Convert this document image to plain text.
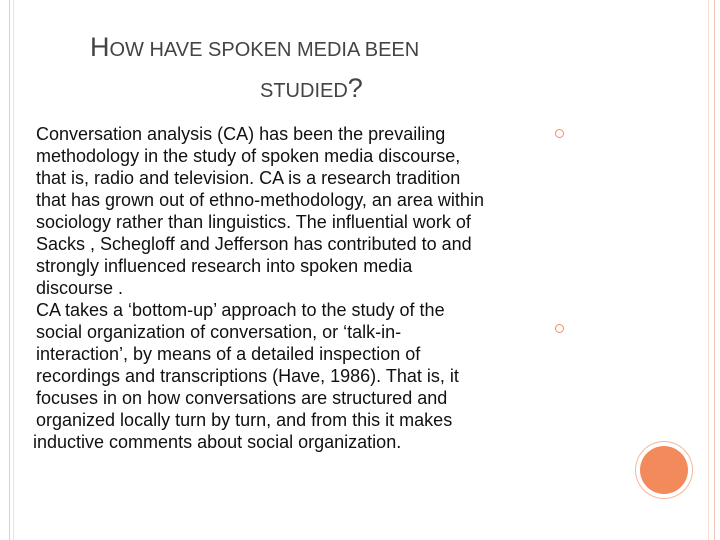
HOW HAVE SPOKEN MEDIA BEEN
STUDIED?
Conversation analysis (CA) has been the prevailing
methodology in the study of spoken media discourse,
that is, radio and television. CA is a research tradition
that has grown out of ethno-methodology, an area within
sociology rather than linguistics. The influential work of
Sacks , Schegloff and Jefferson has contributed to and
strongly influenced research into spoken media
discourse .
CA takes a ‘bottom-up’ approach to the study of the
social organization of conversation, or ‘talk-in-
interaction’, by means of a detailed inspection of
recordings and transcriptions (Have, 1986). That is, it
focuses in on how conversations are structured and
organized locally turn by turn, and from this it makes
inductive comments about social organization.
